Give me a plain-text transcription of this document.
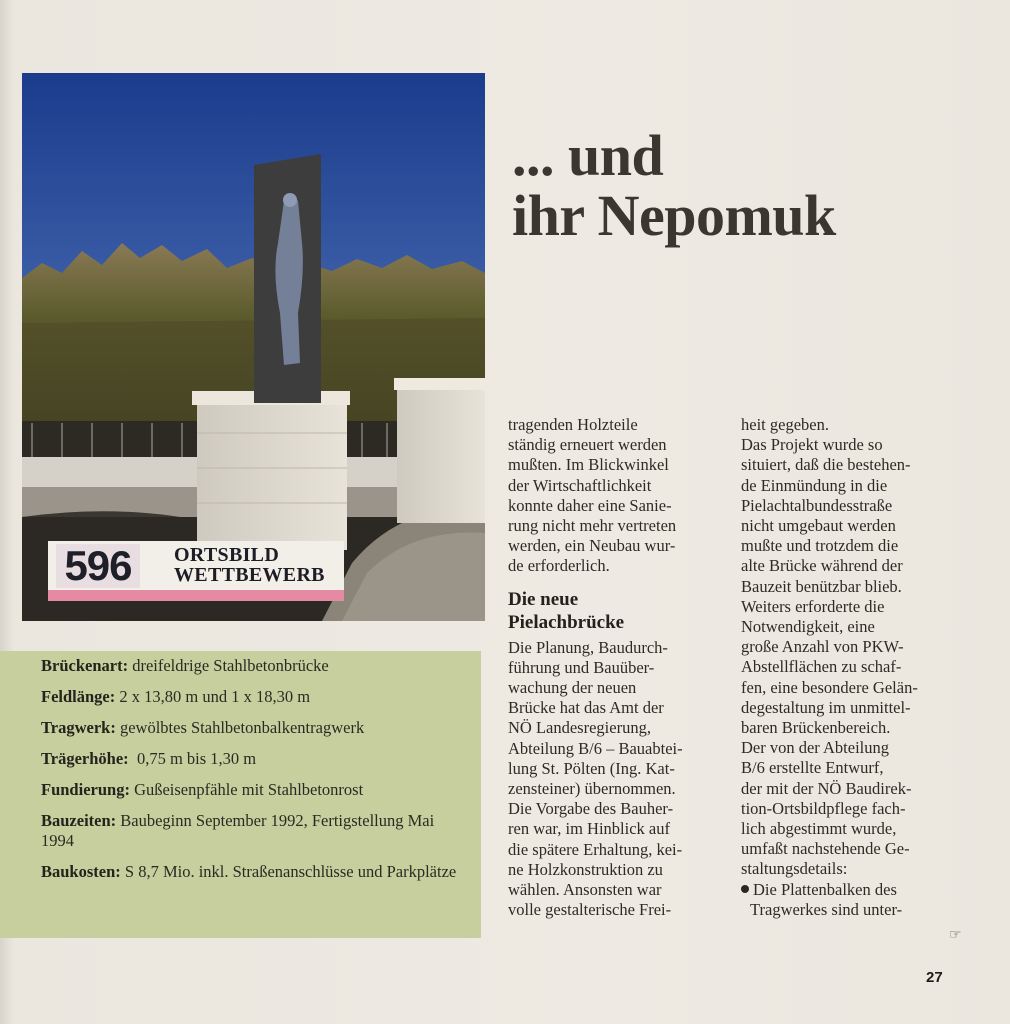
596	ORTSBILD
WETTBEWERB
Brückenart: dreifeldrige Stahlbetonbrücke
Feldlänge: 2 x 13,80 m und 1 x 18,30 m
Tragwerk: gewölbtes Stahlbetonbalkentragwerk
Trägerhöhe:  0,75 m bis 1,30 m
Fundierung: Gußeisenpfähle mit Stahlbetonrost
Bauzeiten: Baubeginn September 1992, Fertigstellung Mai 1994
Baukosten: S 8,7 Mio. inkl. Straßenanschlüsse und Parkplätze
... und
ihr Nepomuk

tragenden Holzteile
ständig erneuert werden
mußten. Im Blickwinkel
der Wirtschaftlichkeit
konnte daher eine Sanie-
rung nicht mehr vertreten
werden, ein Neubau wur-
de erforderlich.

Die neue
Pielachbrücke

Die Planung, Baudurch-
führung und Bauüber-
wachung der neuen
Brücke hat das Amt der
NÖ Landesregierung,
Abteilung B/6 – Bauabtei-
lung St. Pölten (Ing. Kat-
zensteiner) übernommen.
Die Vorgabe des Bauher-
ren war, im Hinblick auf
die spätere Erhaltung, kei-
ne Holzkonstruktion zu
wählen. Ansonsten war
volle gestalterische Frei-

heit gegeben.
Das Projekt wurde so
situiert, daß die bestehen-
de Einmündung in die
Pielachtalbundesstraße
nicht umgebaut werden
mußte und trotzdem die
alte Brücke während der
Bauzeit benützbar blieb.
Weiters erforderte die
Notwendigkeit, eine
große Anzahl von PKW-
Abstellflächen zu schaf-
fen, eine besondere Gelän-
degestaltung im unmittel-
baren Brückenbereich.
Der von der Abteilung
B/6 erstellte Entwurf,
der mit der NÖ Baudirek-
tion-Ortsbildpflege fach-
lich abgestimmt wurde,
umfaßt nachstehende Ge-
staltungsdetails:

Die Plattenbalken des
Tragwerkes sind unter-

☞
27
